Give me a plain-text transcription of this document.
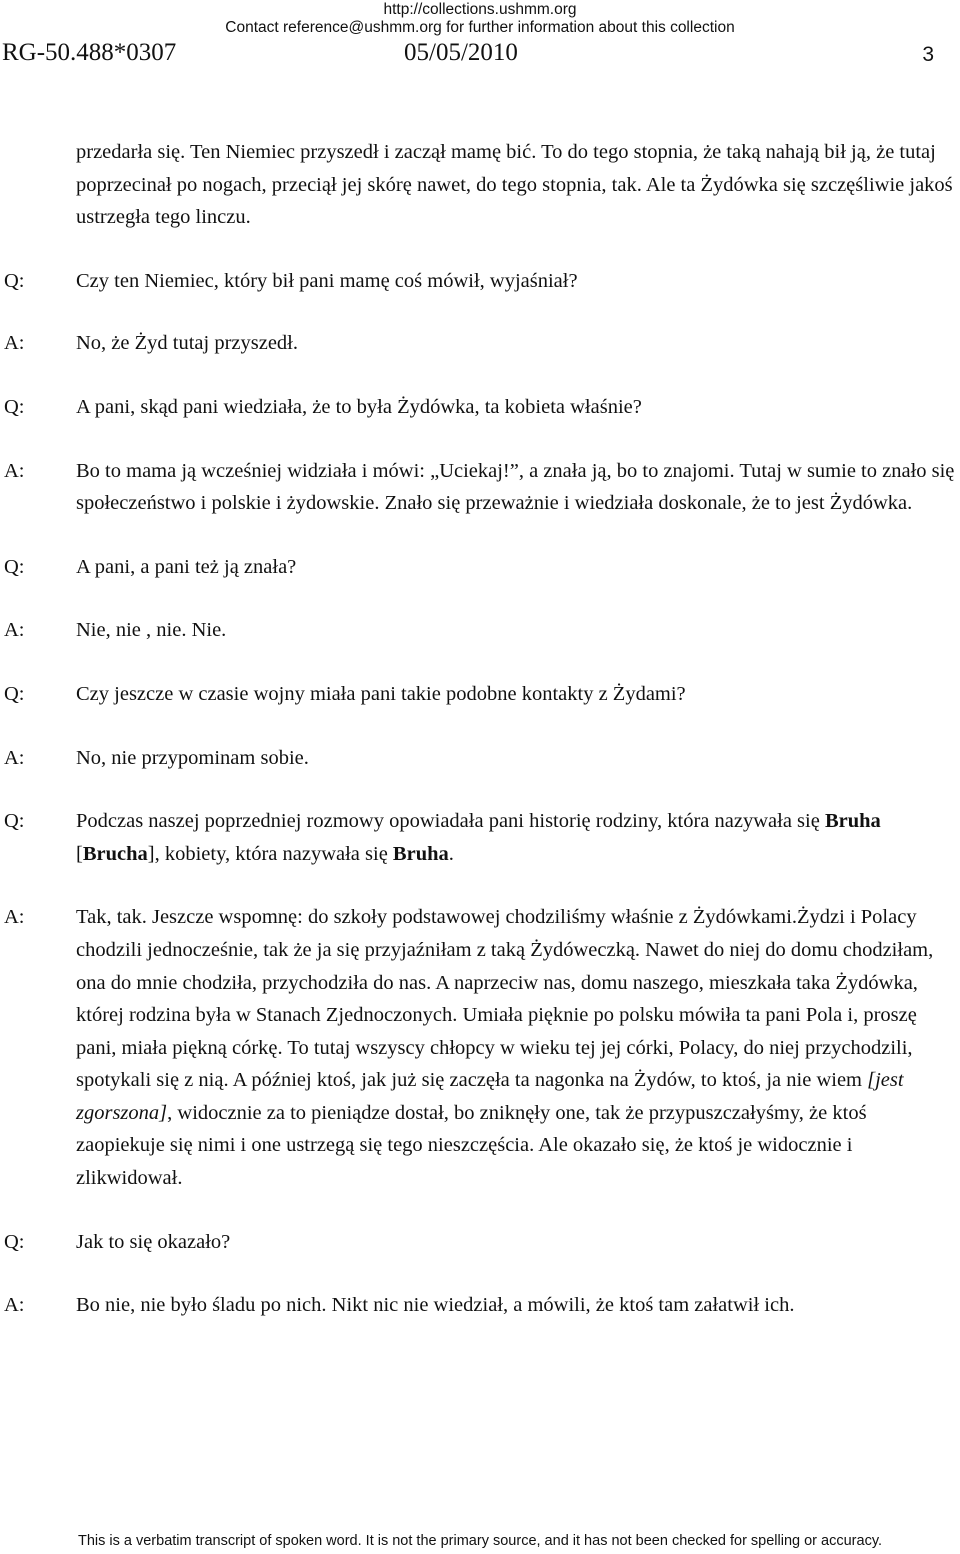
http://collections.ushmm.org
Contact reference@ushmm.org for further information about this collection
RG-50.488*0307	05/05/2010	3
przedarła się. Ten Niemiec przyszedł i zaczął mamę bić. To do tego stopnia, że taką nahają bił ją, że tutaj poprzecinał po nogach, przeciął jej skórę nawet, do tego stopnia, tak. Ale ta Żydówka się szczęśliwie jakoś ustrzegła tego linczu.
Q:	Czy ten Niemiec, który bił pani mamę coś mówił, wyjaśniał?
A:	No, że Żyd tutaj przyszedł.
Q:	A pani, skąd pani wiedziała, że to była Żydówka, ta kobieta właśnie?
A:	Bo to mama ją wcześniej widziała i mówi: „Uciekaj!”, a znała ją, bo to znajomi. Tutaj w sumie to znało się społeczeństwo i polskie i żydowskie. Znało się przeważnie i wiedziała doskonale, że to jest Żydówka.
Q:	A pani, a pani też ją znała?
A:	Nie, nie , nie. Nie.
Q:	Czy jeszcze w czasie wojny miała pani takie podobne kontakty z Żydami?
A:	No, nie przypominam sobie.
Q:	Podczas naszej poprzedniej rozmowy opowiadała pani historię rodziny, która nazywała się Bruha [Brucha], kobiety, która nazywała się Bruha.
A:	Tak, tak. Jeszcze wspomnę: do szkoły podstawowej chodziliśmy właśnie z Żydówkami.Żydzi i Polacy chodzili jednocześnie, tak że ja się przyjaźniłam z taką Żydóweczką. Nawet do niej do domu chodziłam, ona do mnie chodziła, przychodziła do nas. A naprzeciw nas, domu naszego, mieszkała taka Żydówka, której rodzina była w Stanach Zjednoczonych. Umiała pięknie po polsku mówiła ta pani Pola i, proszę pani, miała piękną córkę. To tutaj wszyscy chłopcy w wieku tej jej córki, Polacy, do niej przychodzili, spotykali się z nią. A później ktoś, jak już się zaczęła ta nagonka na Żydów, to ktoś, ja nie wiem [jest zgorszona], widocznie za to pieniądze dostał, bo zniknęły one, tak że przypuszczałyśmy, że ktoś zaopiekuje się nimi i one ustrzegą się tego nieszczęścia. Ale okazało się, że ktoś je widocznie i zlikwidował.
Q:	Jak to się okazało?
A:	Bo nie, nie było śladu po nich. Nikt nic nie wiedział, a mówili, że ktoś tam załatwił ich.
This is a verbatim transcript of spoken word. It is not the primary source, and it has not been checked for spelling or accuracy.
